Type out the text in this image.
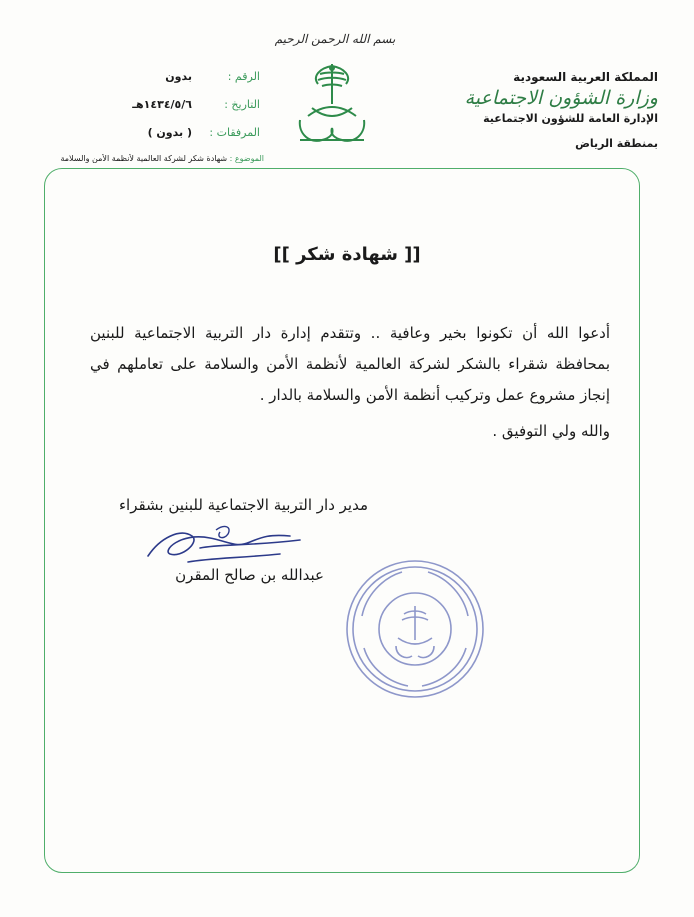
بسم الله الرحمن الرحيم
المملكة العربية السعودية
وزارة الشؤون الاجتماعية
الإدارة العامة للشؤون الاجتماعية
بمنطقة الرياض
الرقم :
بدون
التاريخ :
١٤٣٤/٥/٦هـ
المرفقات :
( بدون )
الموضوع : شهادة شكر لشركة العالمية لأنظمة الأمن والسلامة
[[ شهادة شكر ]]
أدعوا الله أن تكونوا بخير وعافية .. وتتقدم إدارة دار التربية الاجتماعية للبنين بمحافظة شقراء بالشكر لشركة العالمية لأنظمة الأمن والسلامة على تعاملهم في إنجاز مشروع عمل وتركيب أنظمة الأمن والسلامة بالدار .
والله ولي التوفيق .
مدير دار التربية الاجتماعية للبنين بشقراء
عبدالله بن صالح المقرن
